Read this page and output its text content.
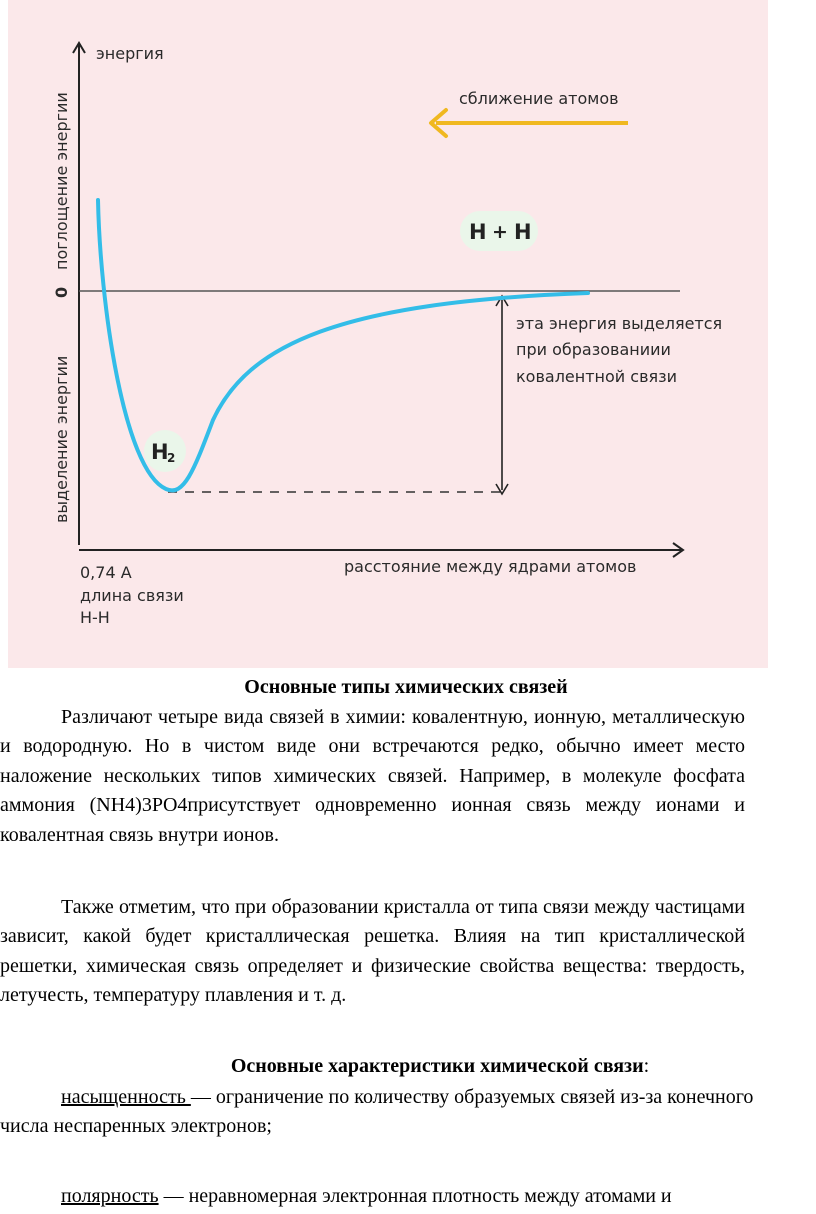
энергия
поглощение энергии
0
выделение энергии
сближение атомов
H + H
H
2
эта энергия выделяется
при образованиии
ковалентной связи
расстояние между ядрами атомов
0,74 A
длина связи
H-H
Основные типы химических связей
Различают четыре вида связей в химии: ковалентную, ионную, металлическую и водородную. Но в чистом виде они встречаются редко, обычно имеет место наложение нескольких типов химических связей. Например, в молекуле фосфата аммония (NH4)3PO4присутствует одновременно ионная связь между ионами и ковалентная связь внутри ионов.
Также отметим, что при образовании кристалла от типа связи между частицами зависит, какой будет кристаллическая решетка. Влияя на тип кристаллической решетки, химическая связь определяет и физические свойства вещества: твердость, летучесть, температуру плавления и т. д.
Основные характеристики химической связи:
насыщенность — ограничение по количеству образуемых связей из-за конечного числа неспаренных электронов;
полярность — неравномерная электронная плотность между атомами и
